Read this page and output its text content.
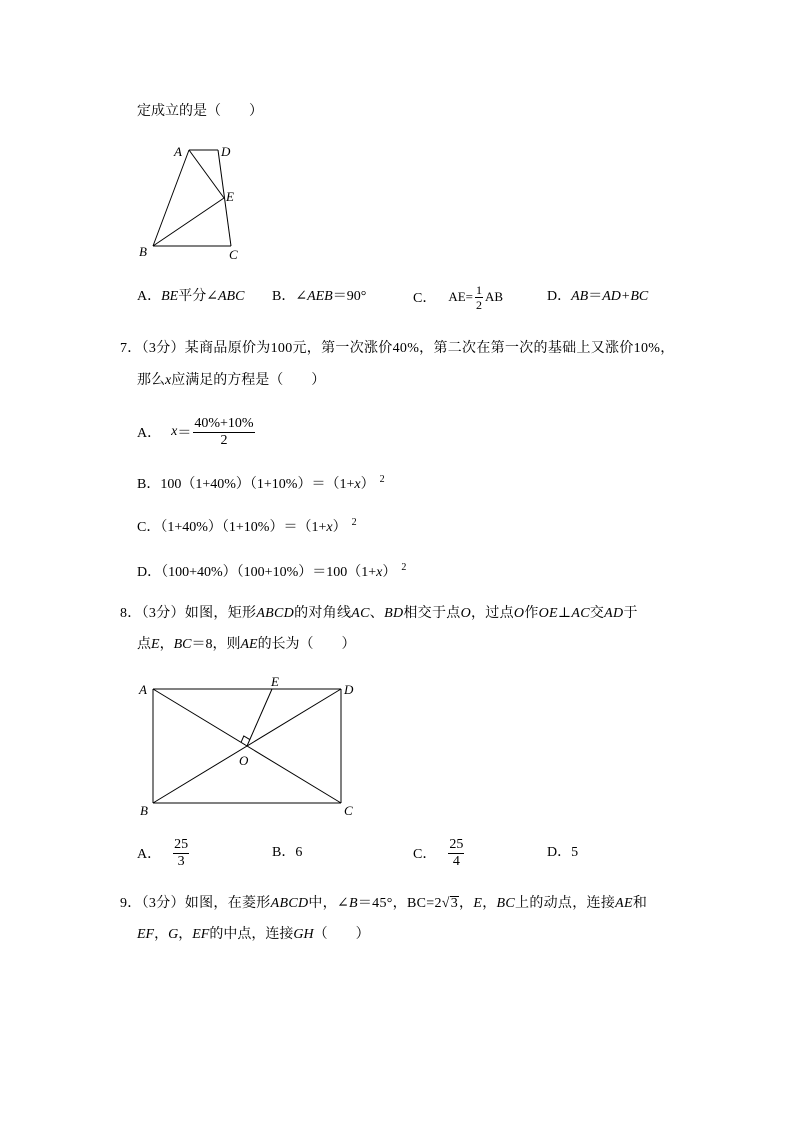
定成立的是（　　）
A	D
E
B	C
A．BE平分∠ABC B．∠AEB＝90°	C． $AE= \frac{1}{2}$ AB	D．AB＝AD+BC
7．（3分）某商品原价为100元，第一次涨价40%，第二次在第一次的基础上又涨价10%，
那么x应满足的方程是（　　）
A． $x = \frac{40\%+10\%}{2}$
B．100（1+40%）（1+10%）＝（1+x） $^2$
C．（1+40%）（1+10%）＝（1+x） $^2$
D．（100+40%）（100+10%）＝100（1+x） $^2$
8．（3分）如图，矩形ABCD的对角线AC、BD相交于点O，过点O作OE⊥AC交AD于
点E，BC＝8，则AE的长为（　　）
A	D
B	C
O
E
A． $\frac{25}{3}$	B．6	C． $\frac{25}{4}$	D．5
9．（3分）如图，在菱形ABCD中，∠B＝45°，BC=2√3，E，BC上的动点，连接AE和
EF，G，EF的中点，连接GH（　　）
